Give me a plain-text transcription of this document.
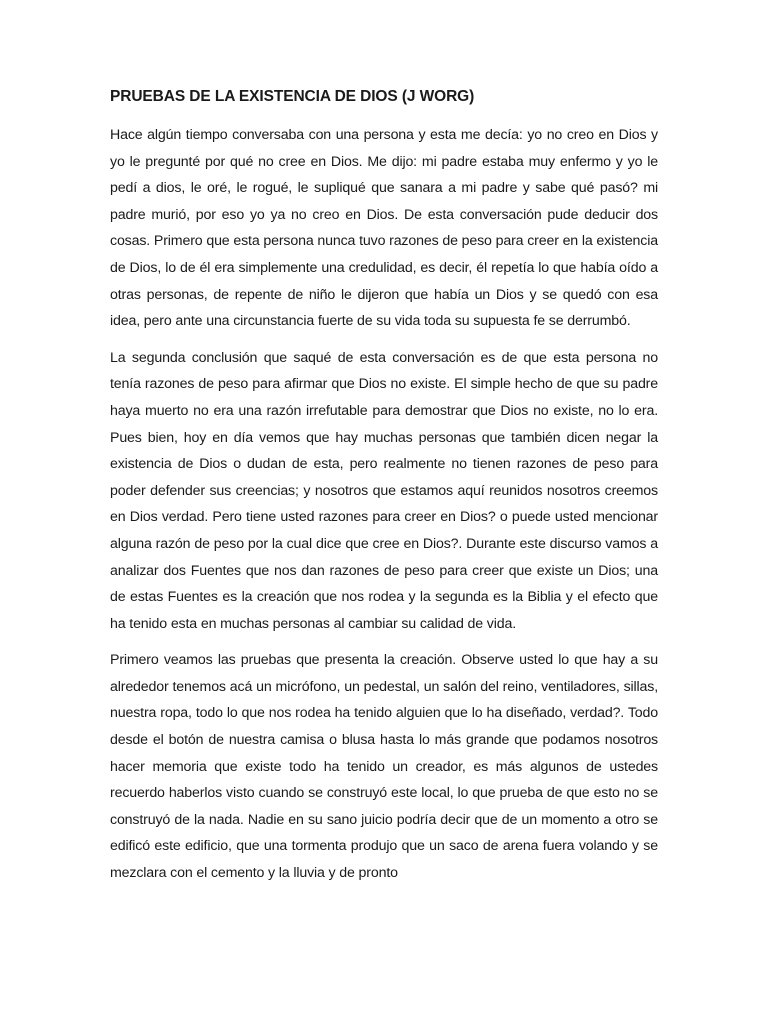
PRUEBAS DE LA EXISTENCIA DE DIOS (J WORG)

Hace algún tiempo conversaba con una persona y esta me decía: yo no creo en Dios y yo le pregunté por qué no cree en Dios. Me dijo: mi padre estaba muy enfermo y yo le pedí a dios, le oré, le rogué, le supliqué que sanara a mi padre y sabe qué pasó? mi padre murió, por eso yo ya no creo en Dios. De esta conversación pude deducir dos cosas. Primero que esta persona nunca tuvo razones de peso para creer en la existencia de Dios, lo de él era simplemente una credulidad, es decir, él repetía lo que había oído a otras personas, de repente de niño le dijeron que había un Dios y se quedó con esa idea, pero ante una circunstancia fuerte de su vida toda su supuesta fe se derrumbó.

La segunda conclusión que saqué de esta conversación es de que esta persona no tenía razones de peso para afirmar que Dios no existe. El simple hecho de que su padre haya muerto no era una razón irrefutable para demostrar que Dios no existe, no lo era. Pues bien, hoy en día vemos que hay muchas personas que también dicen negar la existencia de Dios o dudan de esta, pero realmente no tienen razones de peso para poder defender sus creencias; y nosotros que estamos aquí reunidos nosotros creemos en Dios verdad. Pero tiene usted razones para creer en Dios? o puede usted mencionar alguna razón de peso por la cual dice que cree en Dios?. Durante este discurso vamos a analizar dos Fuentes que nos dan razones de peso para creer que existe un Dios; una de estas Fuentes es la creación que nos rodea y la segunda es la Biblia y el efecto que ha tenido esta en muchas personas al cambiar su calidad de vida.

Primero veamos las pruebas que presenta la creación. Observe usted lo que hay a su alrededor tenemos acá un micrófono, un pedestal, un salón del reino, ventiladores, sillas, nuestra ropa, todo lo que nos rodea ha tenido alguien que lo ha diseñado, verdad?. Todo desde el botón de nuestra camisa o blusa hasta lo más grande que podamos nosotros hacer memoria que existe todo ha tenido un creador, es más algunos de ustedes recuerdo haberlos visto cuando se construyó este local, lo que prueba de que esto no se construyó de la nada. Nadie en su sano juicio podría decir que de un momento a otro se edificó este edificio, que una tormenta produjo que un saco de arena fuera volando y se mezclara con el cemento y la lluvia y de pronto
